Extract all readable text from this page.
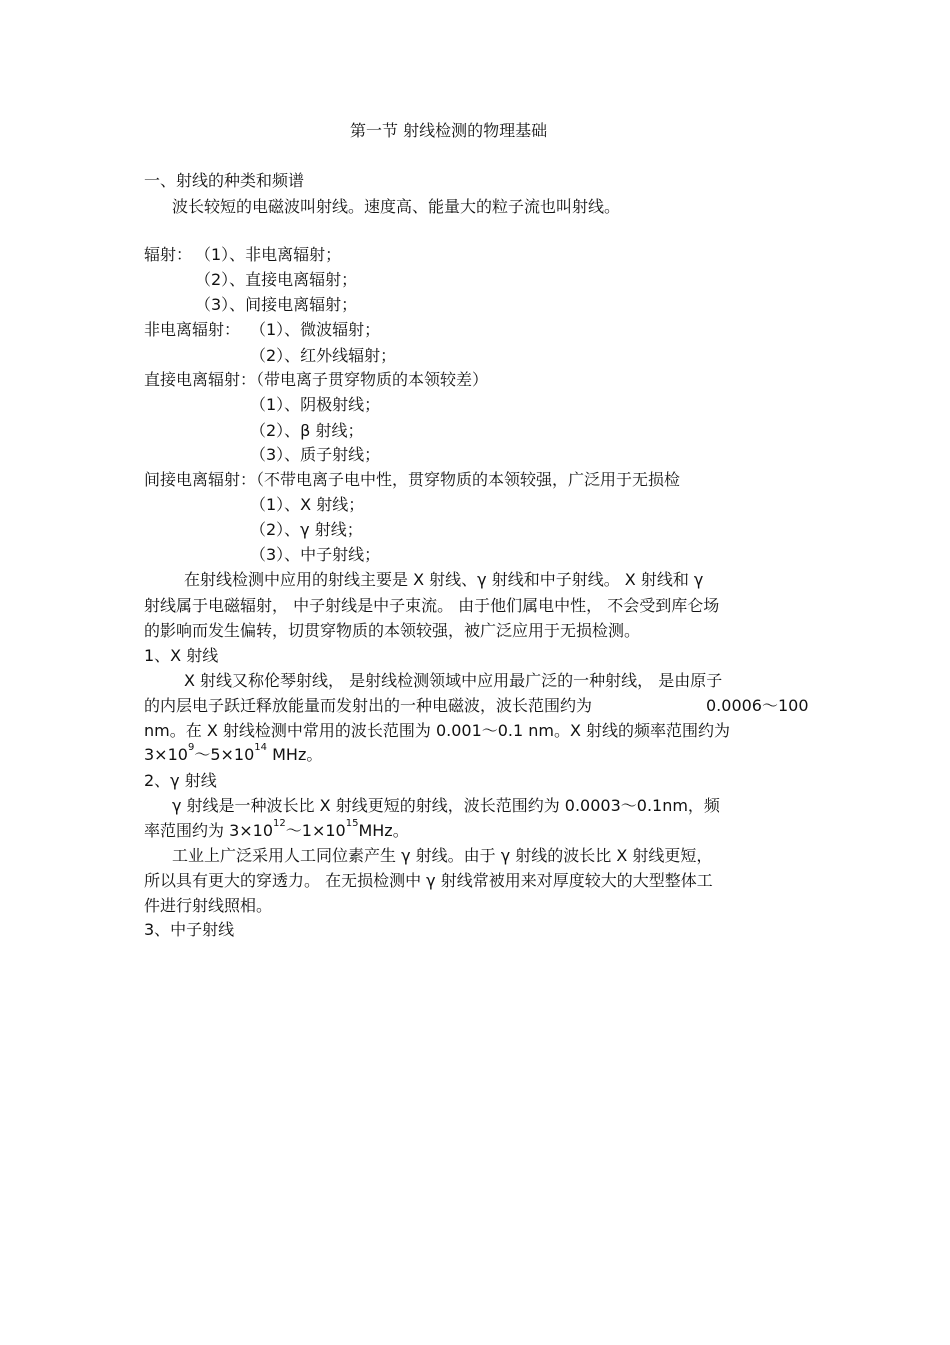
第一节 射线检测的物理基础
一、射线的种类和频谱
波长较短的电磁波叫射线。速度高、能量大的粒子流也叫射线。
辐射： （1）、非电离辐射；
（2）、直接电离辐射；
（3）、间接电离辐射；
非电离辐射： （1）、微波辐射；
（2）、红外线辐射；
直接电离辐射：（带电离子贯穿物质的本领较差）
（1）、阴极射线；
（2）、β 射线；
（3）、质子射线；
间接电离辐射：（不带电离子电中性，贯穿物质的本领较强，广泛用于无损检
（1）、X 射线；
（2）、γ 射线；
（3）、中子射线；
在射线检测中应用的射线主要是 X 射线、γ 射线和中子射线。 X 射线和 γ
射线属于电磁辐射， 中子射线是中子束流。 由于他们属电中性， 不会受到库仑场
的影响而发生偏转，切贯穿物质的本领较强，被广泛应用于无损检测。
1、X 射线
X 射线又称伦琴射线， 是射线检测领域中应用最广泛的一种射线， 是由原子
的内层电子跃迁释放能量而发射出的一种电磁波，波长范围约为	0.0006～100
nm。在 X 射线检测中常用的波长范围为 0.001～0.1 nm。X 射线的频率范围约为
$3\times 10^9\sim 5\times 10^{14}$ MHz。
2、γ 射线
γ 射线是一种波长比 X 射线更短的射线，波长范围约为 0.0003～0.1nm，频
率范围约为 $3\times 10^{12}\sim 1\times 10^{15}MHz$。
工业上广泛采用人工同位素产生 γ 射线。由于 γ 射线的波长比 X 射线更短，
所以具有更大的穿透力。 在无损检测中 γ 射线常被用来对厚度较大的大型整体工
件进行射线照相。
3、中子射线
